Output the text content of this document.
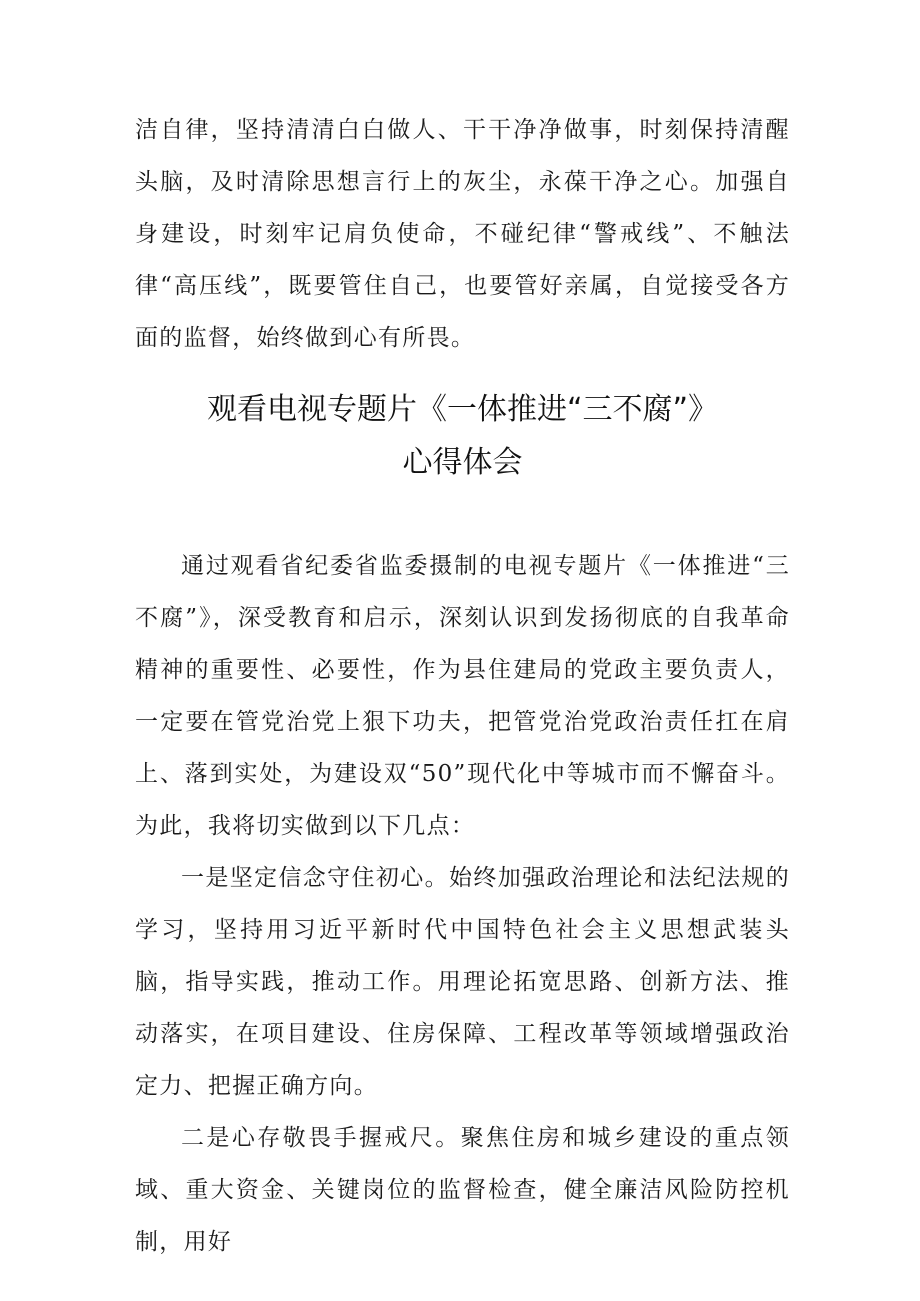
洁自律，坚持清清白白做人、干干净净做事，时刻保持清醒头脑，及时清除思想言行上的灰尘，永葆干净之心。加强自身建设，时刻牢记肩负使命，不碰纪律“警戒线”、不触法律“高压线”，既要管住自己，也要管好亲属，自觉接受各方面的监督，始终做到心有所畏。
观看电视专题片《一体推进“三不腐”》
心得体会

通过观看省纪委省监委摄制的电视专题片《一体推进“三不腐”》，深受教育和启示，深刻认识到发扬彻底的自我革命精神的重要性、必要性，作为县住建局的党政主要负责人，一定要在管党治党上狠下功夫，把管党治党政治责任扛在肩上、落到实处，为建设双“50”现代化中等城市而不懈奋斗。为此，我将切实做到以下几点：

一是坚定信念守住初心。始终加强政治理论和法纪法规的学习，坚持用习近平新时代中国特色社会主义思想武装头脑，指导实践，推动工作。用理论拓宽思路、创新方法、推动落实，在项目建设、住房保障、工程改革等领域增强政治定力、把握正确方向。

二是心存敬畏手握戒尺。聚焦住房和城乡建设的重点领域、重大资金、关键岗位的监督检查，健全廉洁风险防控机制，用好
